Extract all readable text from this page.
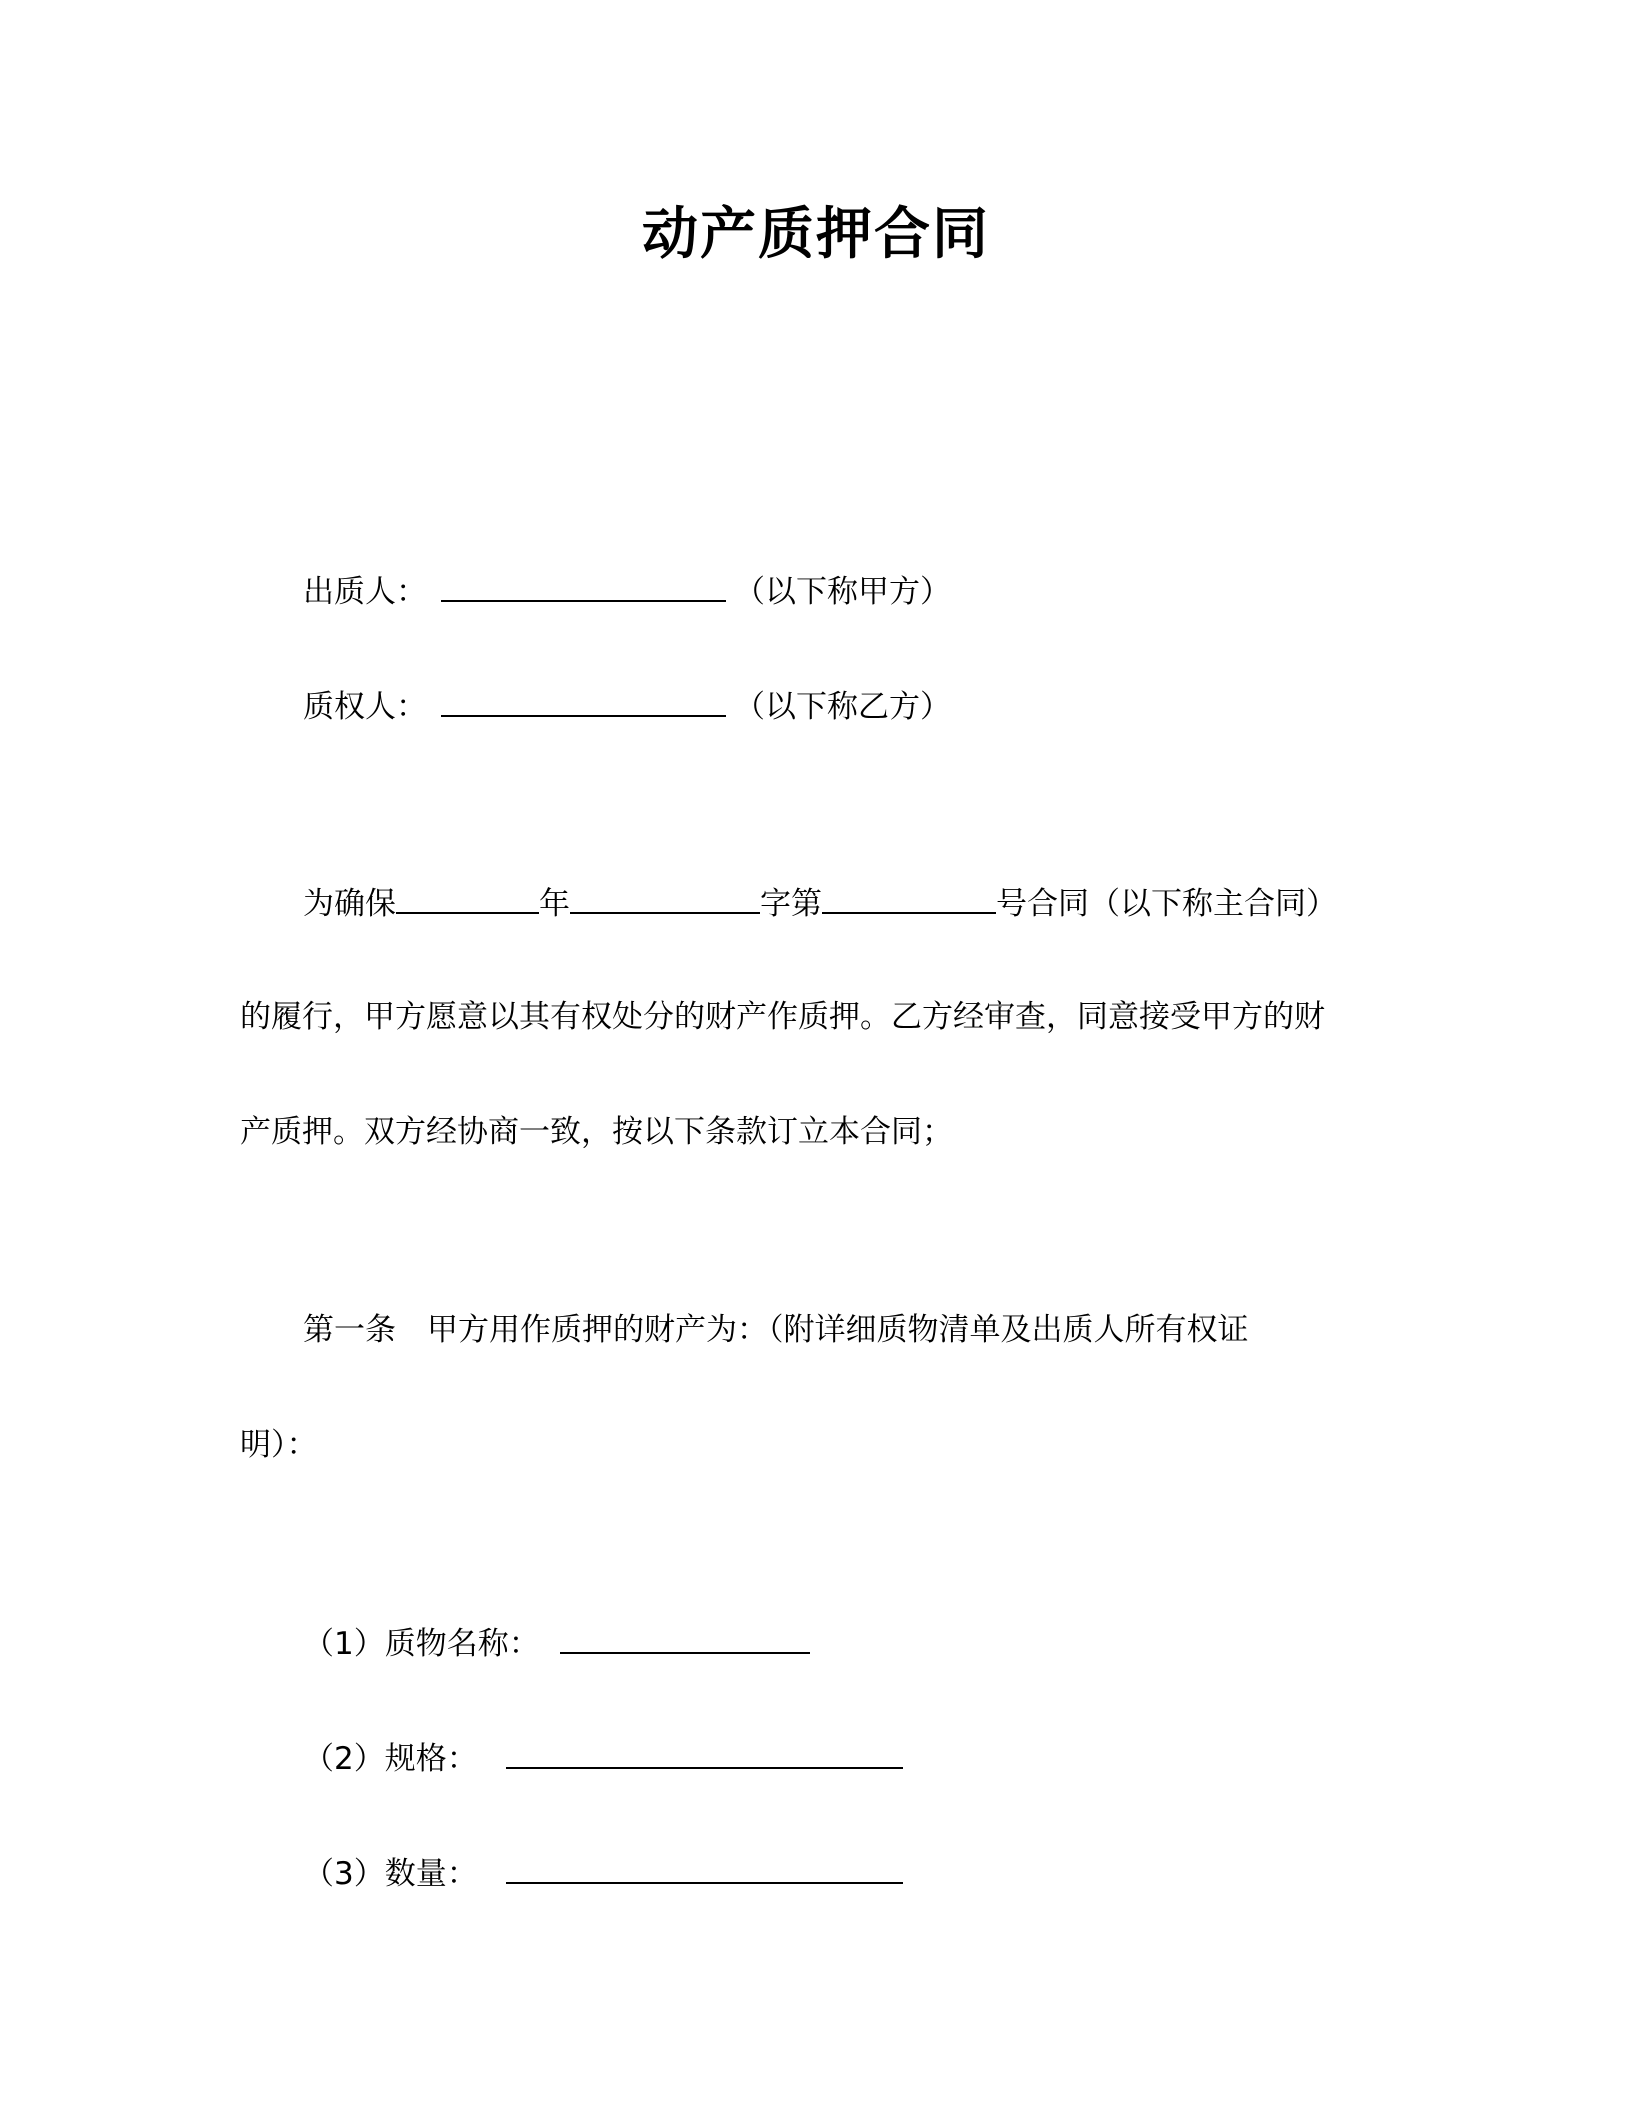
动产质押合同
出质人：	（以下称甲方）
质权人：	（以下称乙方）
为确保	年	字第	号合同（以下称主合同）
的履行，甲方愿意以其有权处分的财产作质押。乙方经审查，同意接受甲方的财
产质押。双方经协商一致，按以下条款订立本合同；
第一条　甲方用作质押的财产为：（附详细质物清单及出质人所有权证
明）：
（1）质物名称：
（2）规格：
（3）数量：
